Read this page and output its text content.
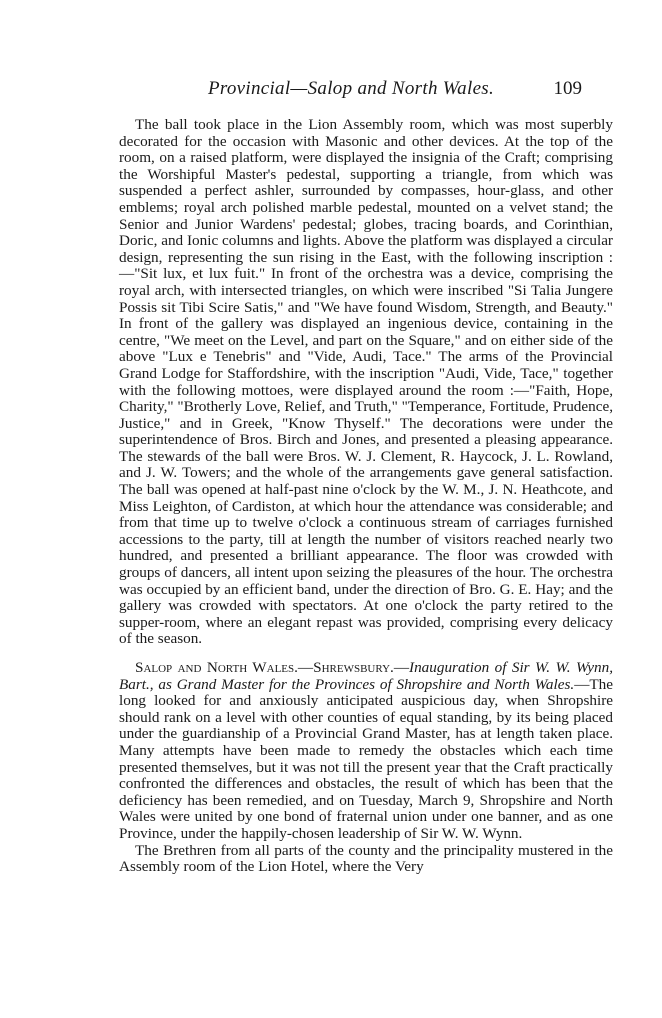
Provincial—Salop and North Wales.	109

The ball took place in the Lion Assembly room, which was most superbly decorated for the occasion with Masonic and other devices. At the top of the room, on a raised platform, were displayed the insignia of the Craft; comprising the Worshipful Master's pedestal, supporting a triangle, from which was suspended a perfect ashler, surrounded by compasses, hour-glass, and other emblems; royal arch polished marble pedestal, mounted on a velvet stand; the Senior and Junior Wardens' pedestal; globes, tracing boards, and Corinthian, Doric, and Ionic columns and lights. Above the platform was displayed a circular design, representing the sun rising in the East, with the following inscription :—"Sit lux, et lux fuit." In front of the orchestra was a device, comprising the royal arch, with intersected triangles, on which were inscribed "Si Talia Jungere Possis sit Tibi Scire Satis," and "We have found Wisdom, Strength, and Beauty." In front of the gallery was displayed an ingenious device, containing in the centre, "We meet on the Level, and part on the Square," and on either side of the above "Lux e Tenebris" and "Vide, Audi, Tace." The arms of the Provincial Grand Lodge for Staffordshire, with the inscription "Audi, Vide, Tace," together with the following mottoes, were displayed around the room :—"Faith, Hope, Charity," "Brotherly Love, Relief, and Truth," "Temperance, Fortitude, Prudence, Justice," and in Greek, "Know Thyself." The decorations were under the superintendence of Bros. Birch and Jones, and presented a pleasing appearance. The stewards of the ball were Bros. W. J. Clement, R. Haycock, J. L. Rowland, and J. W. Towers; and the whole of the arrangements gave general satisfaction. The ball was opened at half-past nine o'clock by the W. M., J. N. Heathcote, and Miss Leighton, of Cardiston, at which hour the attendance was considerable; and from that time up to twelve o'clock a continuous stream of carriages furnished accessions to the party, till at length the number of visitors reached nearly two hundred, and presented a brilliant appearance. The floor was crowded with groups of dancers, all intent upon seizing the pleasures of the hour. The orchestra was occupied by an efficient band, under the direction of Bro. G. E. Hay; and the gallery was crowded with spectators. At one o'clock the party retired to the supper-room, where an elegant repast was provided, comprising every delicacy of the season.

Salop and North Wales.—Shrewsbury.—Inauguration of Sir W. W. Wynn, Bart., as Grand Master for the Provinces of Shropshire and North Wales.—The long looked for and anxiously anticipated auspicious day, when Shropshire should rank on a level with other counties of equal standing, by its being placed under the guardianship of a Provincial Grand Master, has at length taken place. Many attempts have been made to remedy the obstacles which each time presented themselves, but it was not till the present year that the Craft practically confronted the differences and obstacles, the result of which has been that the deficiency has been remedied, and on Tuesday, March 9, Shropshire and North Wales were united by one bond of fraternal union under one banner, and as one Province, under the happily-chosen leadership of Sir W. W. Wynn.

The Brethren from all parts of the county and the principality mustered in the Assembly room of the Lion Hotel, where the Very
